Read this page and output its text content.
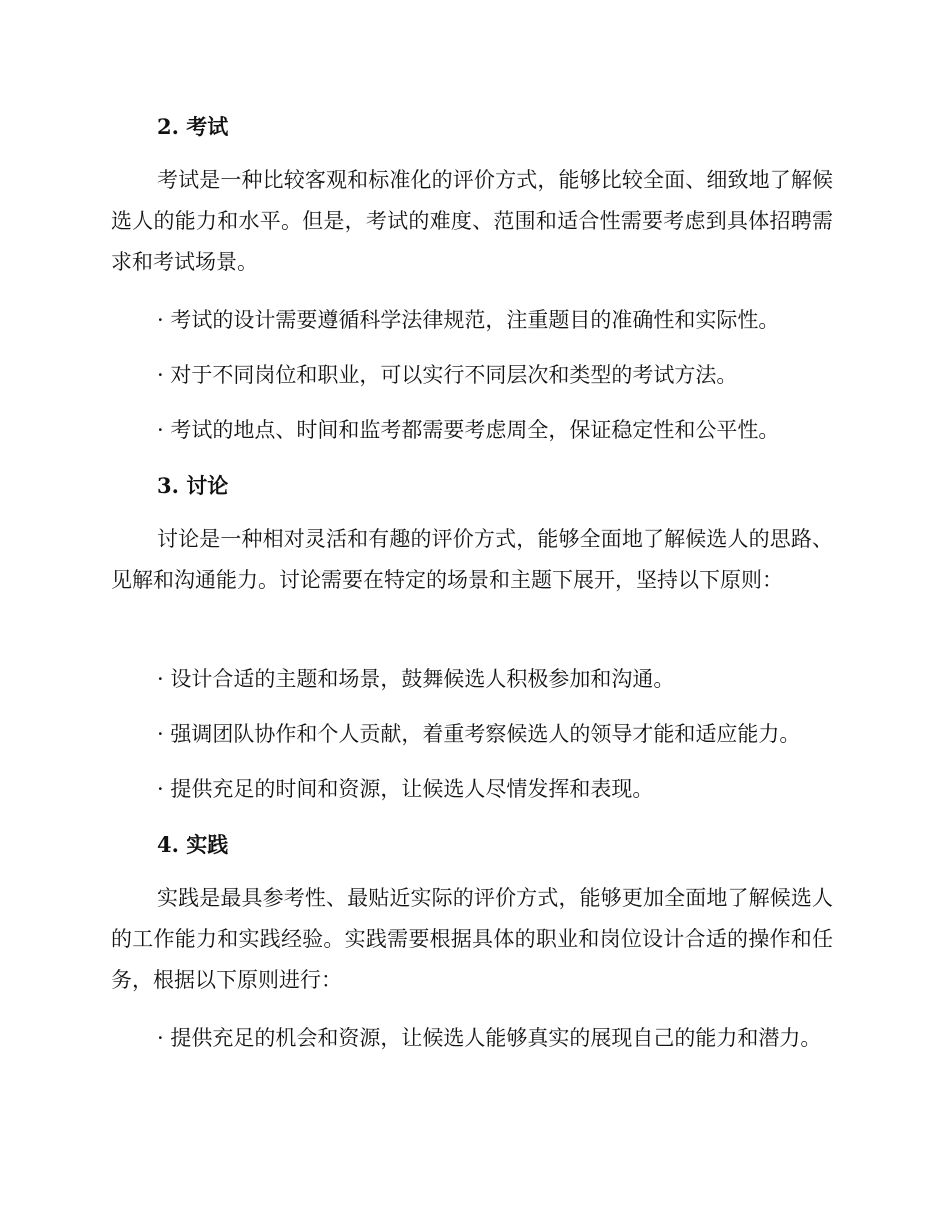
2. 考试
考试是一种比较客观和标准化的评价方式，能够比较全面、细致地了解候选人的能力和水平。但是，考试的难度、范围和适合性需要考虑到具体招聘需求和考试场景。
· 考试的设计需要遵循科学法律规范，注重题目的准确性和实际性。
· 对于不同岗位和职业，可以实行不同层次和类型的考试方法。
· 考试的地点、时间和监考都需要考虑周全，保证稳定性和公平性。
3. 讨论
讨论是一种相对灵活和有趣的评价方式，能够全面地了解候选人的思路、见解和沟通能力。讨论需要在特定的场景和主题下展开，坚持以下原则：
· 设计合适的主题和场景，鼓舞候选人积极参加和沟通。
· 强调团队协作和个人贡献，着重考察候选人的领导才能和适应能力。
· 提供充足的时间和资源，让候选人尽情发挥和表现。
4. 实践
实践是最具参考性、最贴近实际的评价方式，能够更加全面地了解候选人的工作能力和实践经验。实践需要根据具体的职业和岗位设计合适的操作和任务，根据以下原则进行：
· 提供充足的机会和资源，让候选人能够真实的展现自己的能力和潜力。
